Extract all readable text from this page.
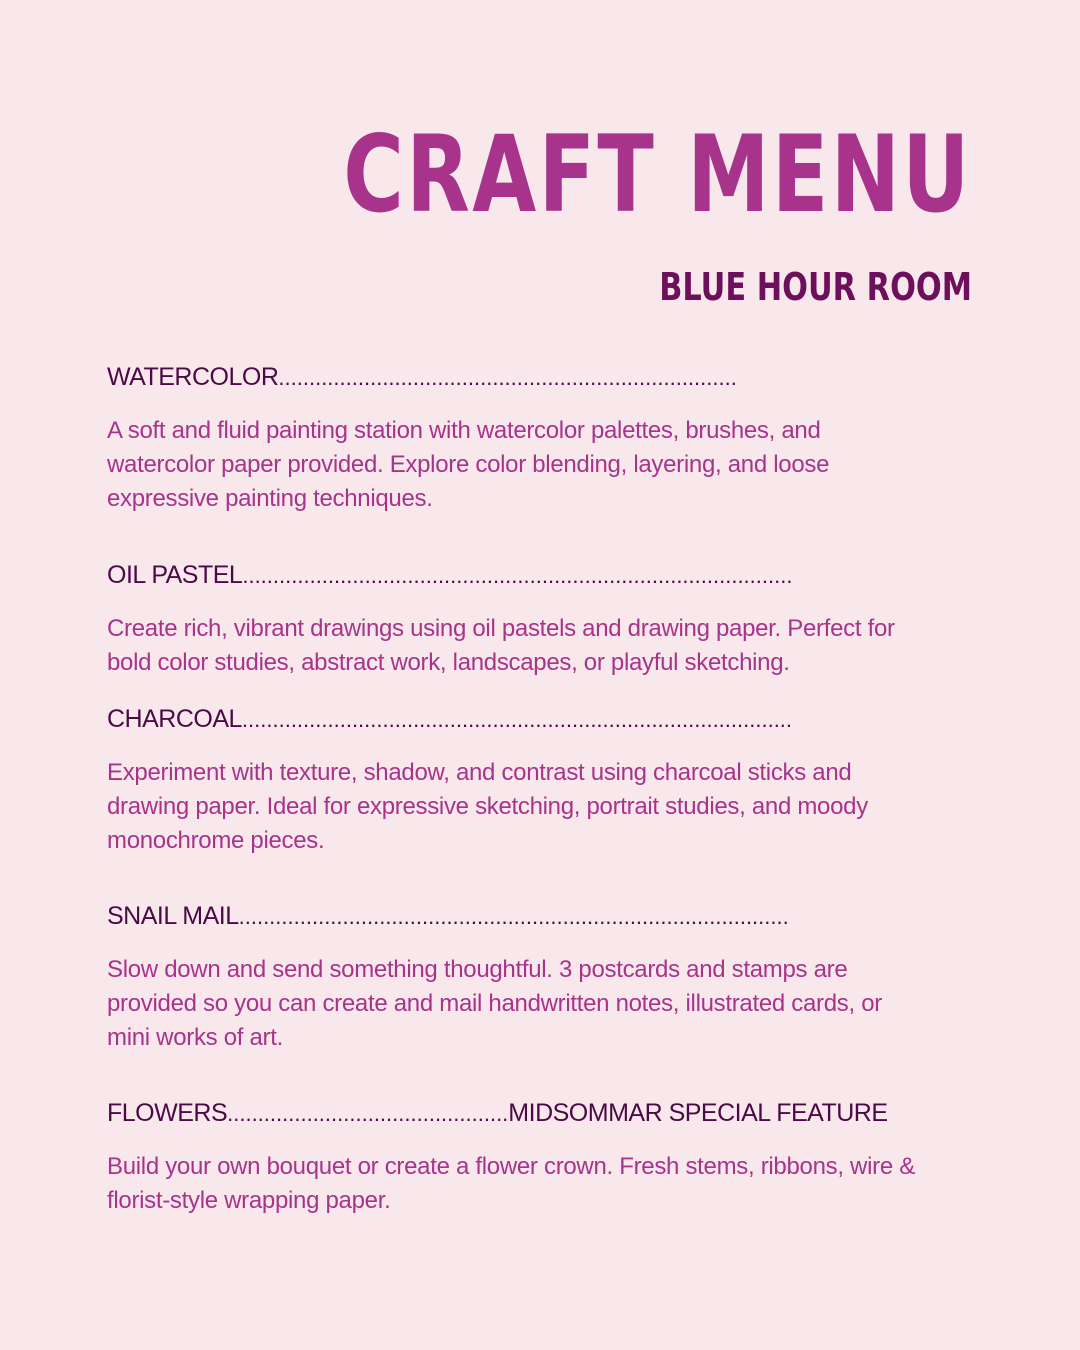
CRAFT MENU
BLUE HOUR ROOM
WATERCOLOR ...........................................................................

A soft and fluid painting station with watercolor palettes, brushes, and watercolor paper provided. Explore color blending, layering, and loose expressive painting techniques.

OIL PASTEL ..........................................................................................

Create rich, vibrant drawings using oil pastels and drawing paper. Perfect for bold color studies, abstract work, landscapes, or playful sketching.

CHARCOAL ..........................................................................................

Experiment with texture, shadow, and contrast using charcoal sticks and drawing paper. Ideal for expressive sketching, portrait studies, and moody monochrome pieces.

SNAIL MAIL ..........................................................................................

Slow down and send something thoughtful. 3 postcards and stamps are provided so you can create and mail handwritten notes, illustrated cards, or mini works of art.

FLOWERS .............................................. MIDSOMMAR SPECIAL FEATURE

Build your own bouquet or create a flower crown. Fresh stems, ribbons, wire & florist-style wrapping paper.
